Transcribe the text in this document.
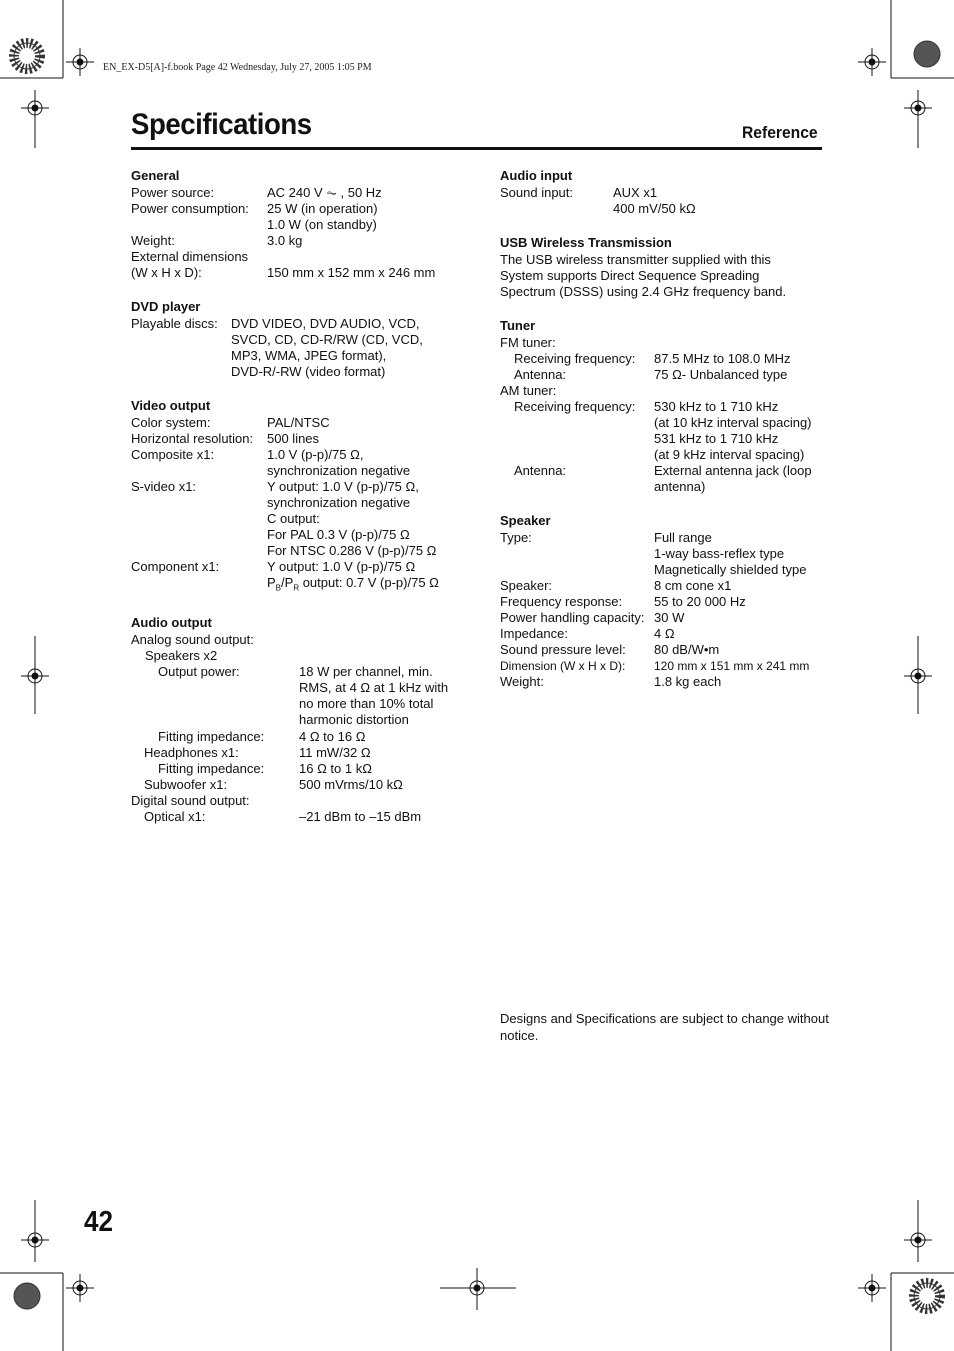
EN_EX-D5[A]-f.book Page 42 Wednesday, July 27, 2005 1:05 PM
Specifications	Reference
General
Power source:	AC 240 V ⏦ , 50 Hz
Power consumption:	25 W (in operation)
1.0 W (on standby)
Weight:	3.0 kg
External dimensions
(W x H x D):	150 mm x 152 mm x 246 mm
DVD player
Playable discs:	DVD VIDEO, DVD AUDIO, VCD,
SVCD, CD, CD-R/RW (CD, VCD,
MP3, WMA, JPEG format),
DVD-R/-RW (video format)
Video output
Color system:	PAL/NTSC
Horizontal resolution:	500 lines
Composite x1:	1.0 V (p-p)/75 Ω,
synchronization negative
S-video x1:	Y output: 1.0 V (p-p)/75 Ω,
synchronization negative
C output:
For PAL 0.3 V (p-p)/75 Ω
For NTSC 0.286 V (p-p)/75 Ω
Component x1:	Y output: 1.0 V (p-p)/75 Ω
$P_B/P_R$ output: 0.7 V (p-p)/75 Ω
Audio output
Analog sound output:
Speakers x2
Output power:	18 W per channel, min.
RMS, at 4 Ω at 1 kHz with
no more than 10% total
harmonic distortion
Fitting impedance:	4 Ω to 16 Ω
Headphones x1:	11 mW/32 Ω
Fitting impedance:	16 Ω to 1 kΩ
Subwoofer x1:	500 mVrms/10 kΩ
Digital sound output:
Optical x1:	–21 dBm to –15 dBm
Audio input
Sound input:	AUX x1
400 mV/50 kΩ
USB Wireless Transmission
The USB wireless transmitter supplied with this System supports Direct Sequence Spreading Spectrum (DSSS) using 2.4 GHz frequency band.
Tuner
FM tuner:
Receiving frequency:	87.5 MHz to 108.0 MHz
Antenna:	75 Ω- Unbalanced type
AM tuner:
Receiving frequency:	530 kHz to 1 710 kHz
(at 10 kHz interval spacing)
531 kHz to 1 710 kHz
(at 9 kHz interval spacing)
Antenna:	External antenna jack (loop
antenna)
Speaker
Type:	Full range
1-way bass-reflex type
Magnetically shielded type
Speaker:	8 cm cone x1
Frequency response:	55 to 20 000 Hz
Power handling capacity: 30 W
Impedance:	4 Ω
Sound pressure level:	80 dB/W•m
Dimension (W x H x D):	120 mm x 151 mm x 241 mm
Weight:	1.8 kg each
Designs and Specifications are subject to change without notice.
42
